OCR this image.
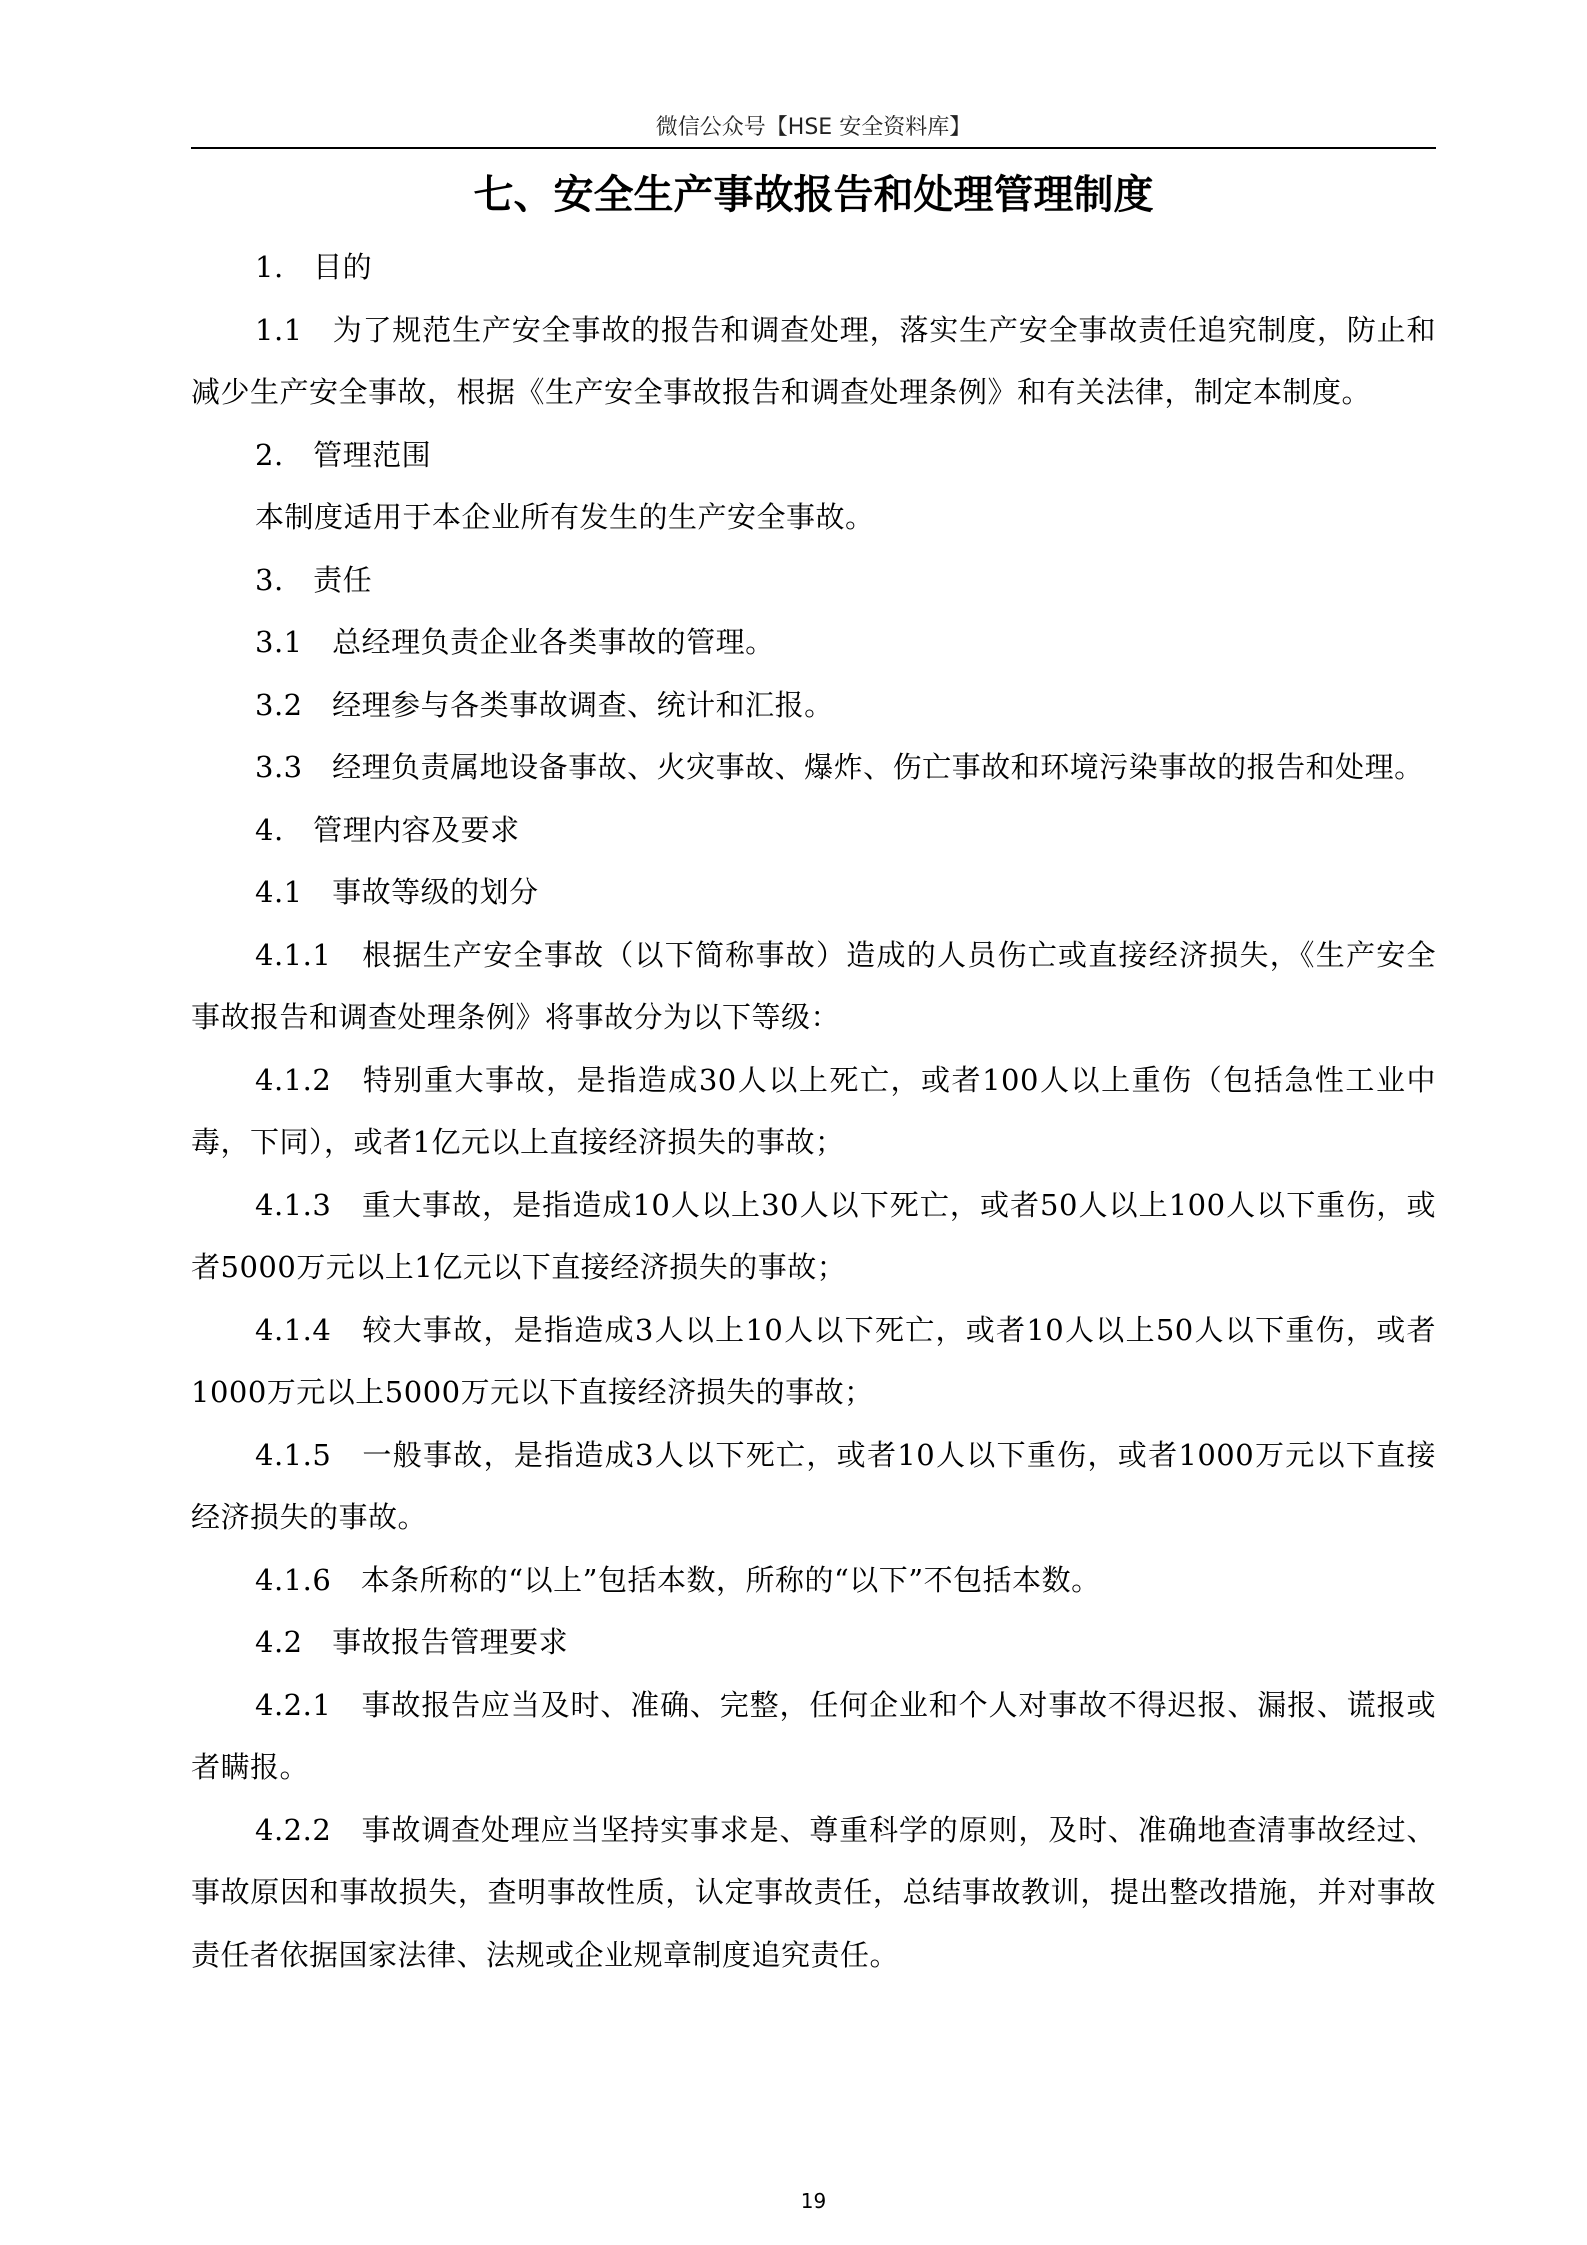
微信公众号【HSE 安全资料库】
七、安全生产事故报告和处理管理制度

1.　目的

1.1　为了规范生产安全事故的报告和调查处理，落实生产安全事故责任追究制度，防止和减少生产安全事故，根据《生产安全事故报告和调查处理条例》和有关法律，制定本制度。

2.　管理范围

本制度适用于本企业所有发生的生产安全事故。

3.　责任

3.1　总经理负责企业各类事故的管理。

3.2　经理参与各类事故调查、统计和汇报。

3.3　经理负责属地设备事故、火灾事故、爆炸、伤亡事故和环境污染事故的报告和处理。

4.　管理内容及要求

4.1　事故等级的划分

4.1.1　根据生产安全事故（以下简称事故）造成的人员伤亡或直接经济损失，《生产安全事故报告和调查处理条例》将事故分为以下等级：

4.1.2　特别重大事故，是指造成30人以上死亡，或者100人以上重伤（包括急性工业中毒，下同），或者1亿元以上直接经济损失的事故；

4.1.3　重大事故，是指造成10人以上30人以下死亡，或者50人以上100人以下重伤，或者5000万元以上1亿元以下直接经济损失的事故；

4.1.4　较大事故，是指造成3人以上10人以下死亡，或者10人以上50人以下重伤，或者1000万元以上5000万元以下直接经济损失的事故；

4.1.5　一般事故，是指造成3人以下死亡，或者10人以下重伤，或者1000万元以下直接经济损失的事故。

4.1.6　本条所称的“以上”包括本数，所称的“以下”不包括本数。

4.2　事故报告管理要求

4.2.1　事故报告应当及时、准确、完整，任何企业和个人对事故不得迟报、漏报、谎报或者瞒报。

4.2.2　事故调查处理应当坚持实事求是、尊重科学的原则，及时、准确地查清事故经过、事故原因和事故损失，查明事故性质，认定事故责任，总结事故教训，提出整改措施，并对事故责任者依据国家法律、法规或企业规章制度追究责任。

19
